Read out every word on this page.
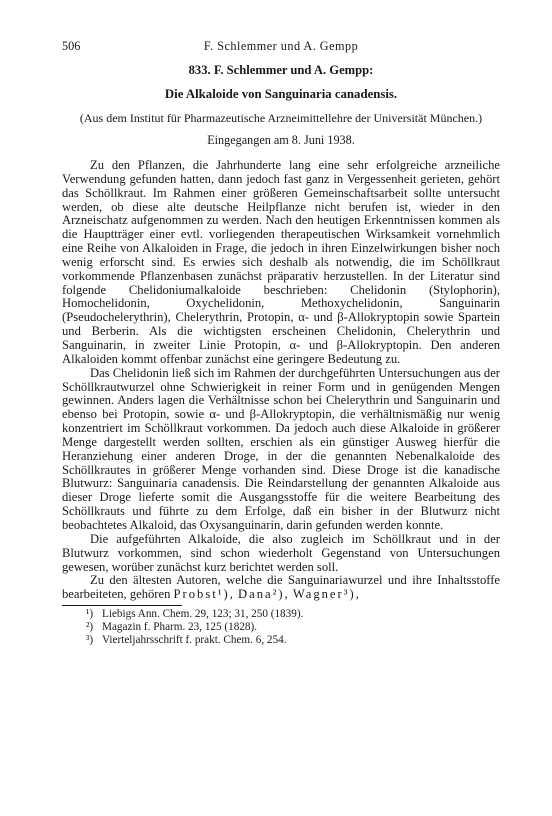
506	F. Schlemmer und A. Gempp
833. F. Schlemmer und A. Gempp:
Die Alkaloide von Sanguinaria canadensis.
(Aus dem Institut für Pharmazeutische Arzneimittellehre der Universität München.)
Eingegangen am 8. Juni 1938.

Zu den Pflanzen, die Jahrhunderte lang eine sehr erfolgreiche arzneiliche Verwendung gefunden hatten, dann jedoch fast ganz in Vergessenheit gerieten, gehört das Schöllkraut. Im Rahmen einer größeren Gemeinschaftsarbeit sollte untersucht werden, ob diese alte deutsche Heilpflanze nicht berufen ist, wieder in den Arzneischatz aufgenommen zu werden. Nach den heutigen Erkenntnissen kommen als die Hauptträger einer evtl. vorliegenden therapeutischen Wirksamkeit vornehmlich eine Reihe von Alkaloiden in Frage, die jedoch in ihren Einzelwirkungen bisher noch wenig erforscht sind. Es erwies sich deshalb als notwendig, die im Schöllkraut vorkommende Pflanzenbasen zunächst präparativ herzustellen. In der Literatur sind folgende Chelidoniumalkaloide beschrieben: Chelidonin (Stylophorin), Homochelidonin, Oxychelidonin, Methoxychelidonin, Sanguinarin (Pseudochelerythrin), Chelerythrin, Protopin, α- und β-Allokryptopin sowie Spartein und Berberin. Als die wichtigsten erscheinen Chelidonin, Chelerythrin und Sanguinarin, in zweiter Linie Protopin, α- und β-Allokryptopin. Den anderen Alkaloiden kommt offenbar zunächst eine geringere Bedeutung zu.

Das Chelidonin ließ sich im Rahmen der durchgeführten Untersuchungen aus der Schöllkrautwurzel ohne Schwierigkeit in reiner Form und in genügenden Mengen gewinnen. Anders lagen die Verhältnisse schon bei Chelerythrin und Sanguinarin und ebenso bei Protopin, sowie α- und β-Allokryptopin, die verhältnismäßig nur wenig konzentriert im Schöllkraut vorkommen. Da jedoch auch diese Alkaloide in größerer Menge dargestellt werden sollten, erschien als ein günstiger Ausweg hierfür die Heranziehung einer anderen Droge, in der die genannten Nebenalkaloide des Schöllkrautes in größerer Menge vorhanden sind. Diese Droge ist die kanadische Blutwurz: Sanguinaria canadensis. Die Reindarstellung der genannten Alkaloide aus dieser Droge lieferte somit die Ausgangsstoffe für die weitere Bearbeitung des Schöllkrauts und führte zu dem Erfolge, daß ein bisher in der Blutwurz nicht beobachtetes Alkaloid, das Oxysanguinarin, darin gefunden werden konnte.

Die aufgeführten Alkaloide, die also zugleich im Schöllkraut und in der Blutwurz vorkommen, sind schon wiederholt Gegenstand von Untersuchungen gewesen, worüber zunächst kurz berichtet werden soll.

Zu den ältesten Autoren, welche die Sanguinariawurzel und ihre Inhaltsstoffe bearbeiteten, gehören Probst¹), Dana²), Wagner³),

¹) Liebigs Ann. Chem. 29, 123; 31, 250 (1839).

²) Magazin f. Pharm. 23, 125 (1828).

³) Vierteljahrsschrift f. prakt. Chem. 6, 254.
